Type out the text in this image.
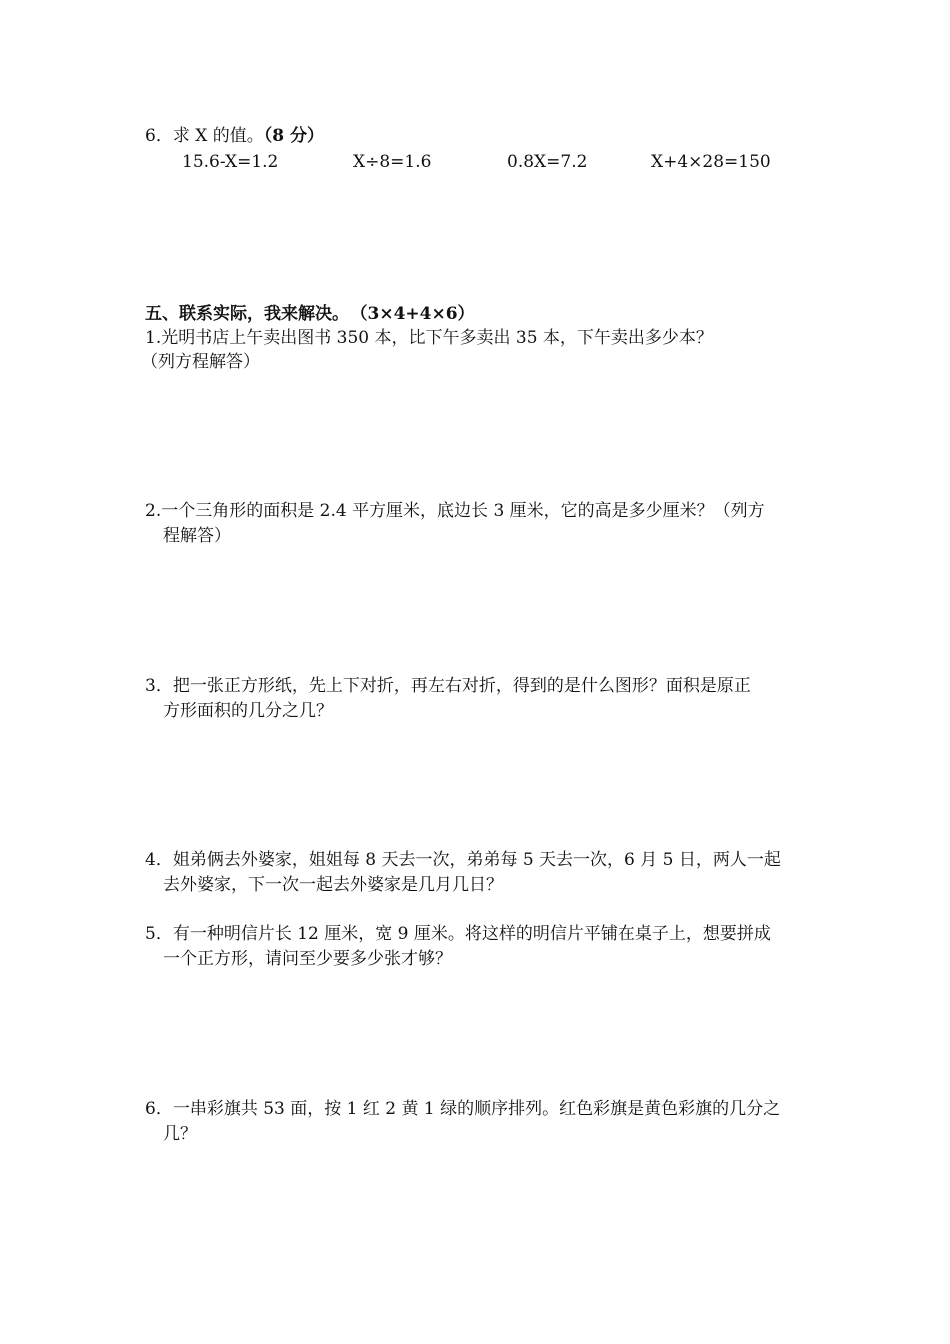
6．求 X 的值。（8 分）
15.6-X=1.2	X÷8=1.6	0.8X=7.2	X+4×28=150
五、联系实际，我来解决。 （3×4+4×6）
1.光明书店上午卖出图书 350 本，比下午多卖出 35 本，下午卖出多少本？
（列方程解答）
2.一个三角形的面积是 2.4 平方厘米，底边长 3 厘米，它的高是多少厘米？（列方
程解答）
3．把一张正方形纸，先上下对折，再左右对折，得到的是什么图形？面积是原正
方形面积的几分之几？
4．姐弟俩去外婆家，姐姐每 8 天去一次，弟弟每 5 天去一次，6 月 5 日，两人一起
去外婆家，下一次一起去外婆家是几月几日？
5．有一种明信片长 12 厘米，宽 9 厘米。将这样的明信片平铺在桌子上，想要拼成
一个正方形，请问至少要多少张才够？
6．一串彩旗共 53 面，按 1 红 2 黄 1 绿的顺序排列。红色彩旗是黄色彩旗的几分之
几？
